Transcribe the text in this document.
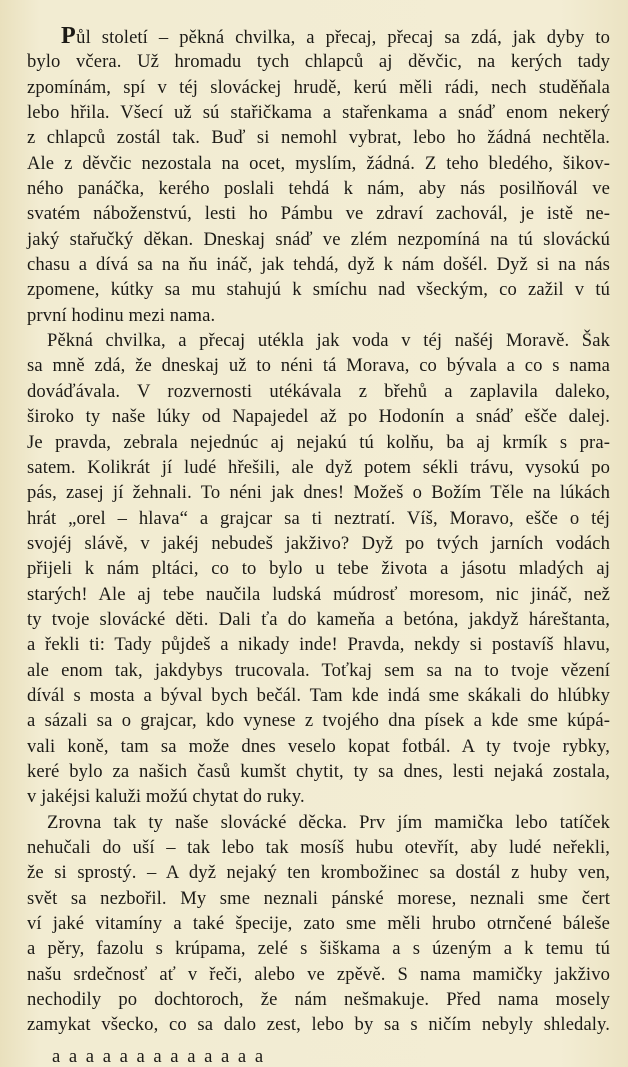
Půl století – pěkná chvilka, a přecaj, přecaj sa zdá, jak dyby to
bylo včera. Už hromadu tych chlapců aj děvčic, na kerých tady
zpomínám, spí v téj slováckej hrudě, kerú měli rádi, nech studěňala
lebo hřila. Všecí už sú stařičkama a stařenkama a snáď enom nekerý
z chlapců zostál tak. Buď si nemohl vybrat, lebo ho žádná nechtěla.
Ale z děvčic nezostala na ocet, myslím, žádná. Z teho bledého, šikov-
ného panáčka, kerého poslali tehdá k nám, aby nás posilňovál ve
svatém náboženstvú, lesti ho Pámbu ve zdraví zachovál, je istě ne-
jaký stařučký děkan. Dneskaj snáď ve zlém nezpomíná na tú slováckú
chasu a dívá sa na ňu ináč, jak tehdá, dyž k nám došél. Dyž si na nás
zpomene, kútky sa mu stahujú k smíchu nad všeckým, co zažil v tú
první hodinu mezi nama.

Pěkná chvilka, a přecaj utékla jak voda v téj našéj Moravě. Šak
sa mně zdá, že dneskaj už to néni tá Morava, co bývala a co s nama
dováďávala. V rozvernosti utékávala z břehů a zaplavila daleko,
široko ty naše lúky od Napajedel až po Hodonín a snáď ešče dalej.
Je pravda, zebrala nejednúc aj nejakú tú kolňu, ba aj krmík s pra-
satem. Kolikrát jí ludé hřešili, ale dyž potem sékli trávu, vysokú po
pás, zasej jí žehnali. To néni jak dnes! Možeš o Božím Těle na lúkách
hrát „orel – hlava“ a grajcar sa ti neztratí. Víš, Moravo, ešče o téj
svojéj slávě, v jakéj nebudeš jakživo? Dyž po tvých jarních vodách
přijeli k nám pltáci, co to bylo u tebe života a jásotu mladých aj
starých! Ale aj tebe naučila ludská múdrosť moresom, nic jináč, než
ty tvoje slovácké děti. Dali ťa do kameňa a betóna, jakdyž háreštanta,
a řekli ti: Tady půjdeš a nikady inde! Pravda, nekdy si postavíš hlavu,
ale enom tak, jakdybys trucovala. Toťkaj sem sa na to tvoje vězení
dívál s mosta a býval bych bečál. Tam kde indá sme skákali do hlúbky
a sázali sa o grajcar, kdo vynese z tvojého dna písek a kde sme kúpá-
vali koně, tam sa može dnes veselo kopat fotbál. A ty tvoje rybky,
keré bylo za našich časů kumšt chytit, ty sa dnes, lesti nejaká zostala,
v jakéjsi kaluži možú chytat do ruky.

Zrovna tak ty naše slovácké děcka. Prv jím mamička lebo tatíček
nehučali do uší – tak lebo tak mosíš hubu otevřít, aby ludé neřekli,
že si sprostý. – A dyž nejaký ten krombožinec sa dostál z huby ven,
svět sa nezbořil. My sme neznali pánské morese, neznali sme čert
ví jaké vitamíny a také špecije, zato sme měli hrubo otrnčené báleše
a pěry, fazolu s krúpama, zelé s šiškama a s úzeným a k temu tú
našu srdečnosť ať v řeči, alebo ve zpěvě. S nama mamičky jakživo
nechodily po dochtoroch, že nám nešmakuje. Před nama mosely
zamykat všecko, co sa dalo zest, lebo by sa s ničím nebyly shledaly.

a a a a a a a a a a a a a
